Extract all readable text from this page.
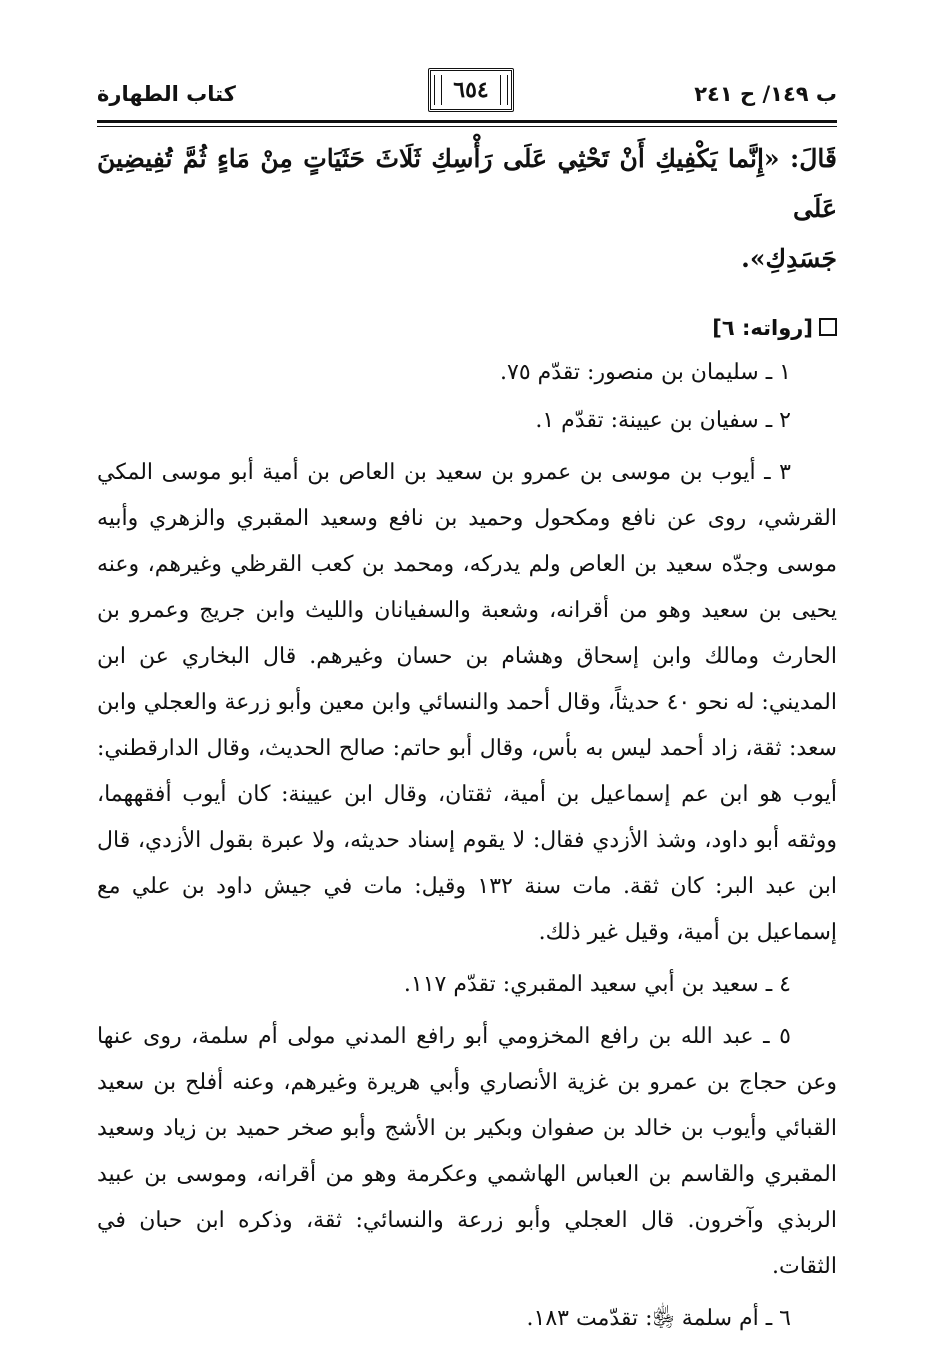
ب ١٤٩/ ح ٢٤١
٦٥٤
كتاب الطهارة

قَالَ: «إِنَّما يَكْفِيكِ أَنْ تَحْثِي عَلَى رَأْسِكِ ثَلَاثَ حَثَيَاتٍ مِنْ مَاءٍ ثُمَّ تُفِيضِينَ عَلَى
جَسَدِكِ».

[رواته: ٦]

١ ـ سليمان بن منصور: تقدّم ٧٥.

٢ ـ سفيان بن عيينة: تقدّم ١.

٣ ـ أيوب بن موسى بن عمرو بن سعيد بن العاص بن أمية أبو موسى المكي القرشي، روى عن نافع ومكحول وحميد بن نافع وسعيد المقبري والزهري وأبيه موسى وجدّه سعيد بن العاص ولم يدركه، ومحمد بن كعب القرظي وغيرهم، وعنه يحيى بن سعيد وهو من أقرانه، وشعبة والسفيانان والليث وابن جريج وعمرو بن الحارث ومالك وابن إسحاق وهشام بن حسان وغيرهم. قال البخاري عن ابن المديني: له نحو ٤٠ حديثاً، وقال أحمد والنسائي وابن معين وأبو زرعة والعجلي وابن سعد: ثقة، زاد أحمد ليس به بأس، وقال أبو حاتم: صالح الحديث، وقال الدارقطني: أيوب هو ابن عم إسماعيل بن أمية، ثقتان، وقال ابن عيينة: كان أيوب أفقههما، ووثقه أبو داود، وشذ الأزدي فقال: لا يقوم إسناد حديثه، ولا عبرة بقول الأزدي، قال ابن عبد البر: كان ثقة. مات سنة ١٣٢ وقيل: مات في جيش داود بن علي مع إسماعيل بن أمية، وقيل غير ذلك.

٤ ـ سعيد بن أبي سعيد المقبري: تقدّم ١١٧.

٥ ـ عبد الله بن رافع المخزومي أبو رافع المدني مولى أم سلمة، روى عنها وعن حجاج بن عمرو بن غزية الأنصاري وأبي هريرة وغيرهم، وعنه أفلح بن سعيد القبائي وأيوب بن خالد بن صفوان وبكير بن الأشج وأبو صخر حميد بن زياد وسعيد المقبري والقاسم بن العباس الهاشمي وعكرمة وهو من أقرانه، وموسى بن عبيد الربذي وآخرون. قال العجلي وأبو زرعة والنسائي: ثقة، وذكره ابن حبان في الثقات.

٦ ـ أم سلمة ﵂: تقدّمت ١٨٣.
